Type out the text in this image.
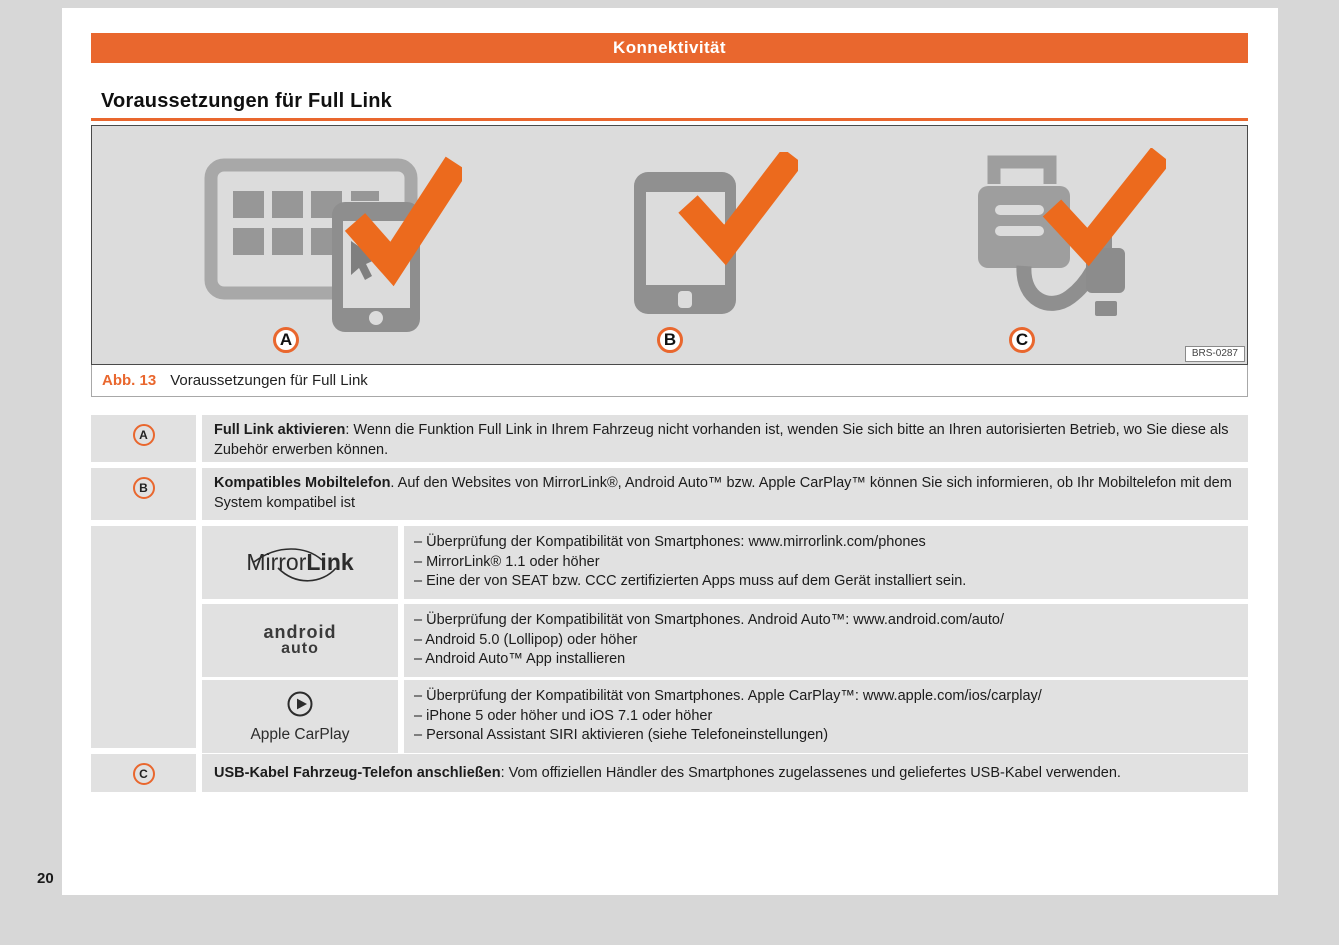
Konnektivität
Voraussetzungen für Full Link
A	B	C
BRS-0287
Abb. 13 Voraussetzungen für Full Link
A	Full Link aktivieren: Wenn die Funktion Full Link in Ihrem Fahrzeug nicht vorhanden ist, wenden Sie sich bitte an Ihren autorisierten Betrieb, wo Sie diese als Zubehör erwerben können.
B	Kompatibles Mobiltelefon. Auf den Websites von MirrorLink®, Android Auto™ bzw. Apple CarPlay™ können Sie sich informieren, ob Ihr Mobiltelefon mit dem System kompatibel ist
MirrorLink
– Überprüfung der Kompatibilität von Smartphones: www.mirrorlink.com/phones
– MirrorLink® 1.1 oder höher
– Eine der von SEAT bzw. CCC zertifizierten Apps muss auf dem Gerät installiert sein.
android
auto
– Überprüfung der Kompatibilität von Smartphones. Android Auto™: www.android.com/auto/
– Android 5.0 (Lollipop) oder höher
– Android Auto™ App installieren
Apple CarPlay
– Überprüfung der Kompatibilität von Smartphones. Apple CarPlay™: www.apple.com/ios/carplay/
– iPhone 5 oder höher und iOS 7.1 oder höher
– Personal Assistant SIRI aktivieren (siehe Telefoneinstellungen)
C	USB-Kabel Fahrzeug-Telefon anschließen: Vom offiziellen Händler des Smartphones zugelassenes und geliefertes USB-Kabel verwenden.
20
